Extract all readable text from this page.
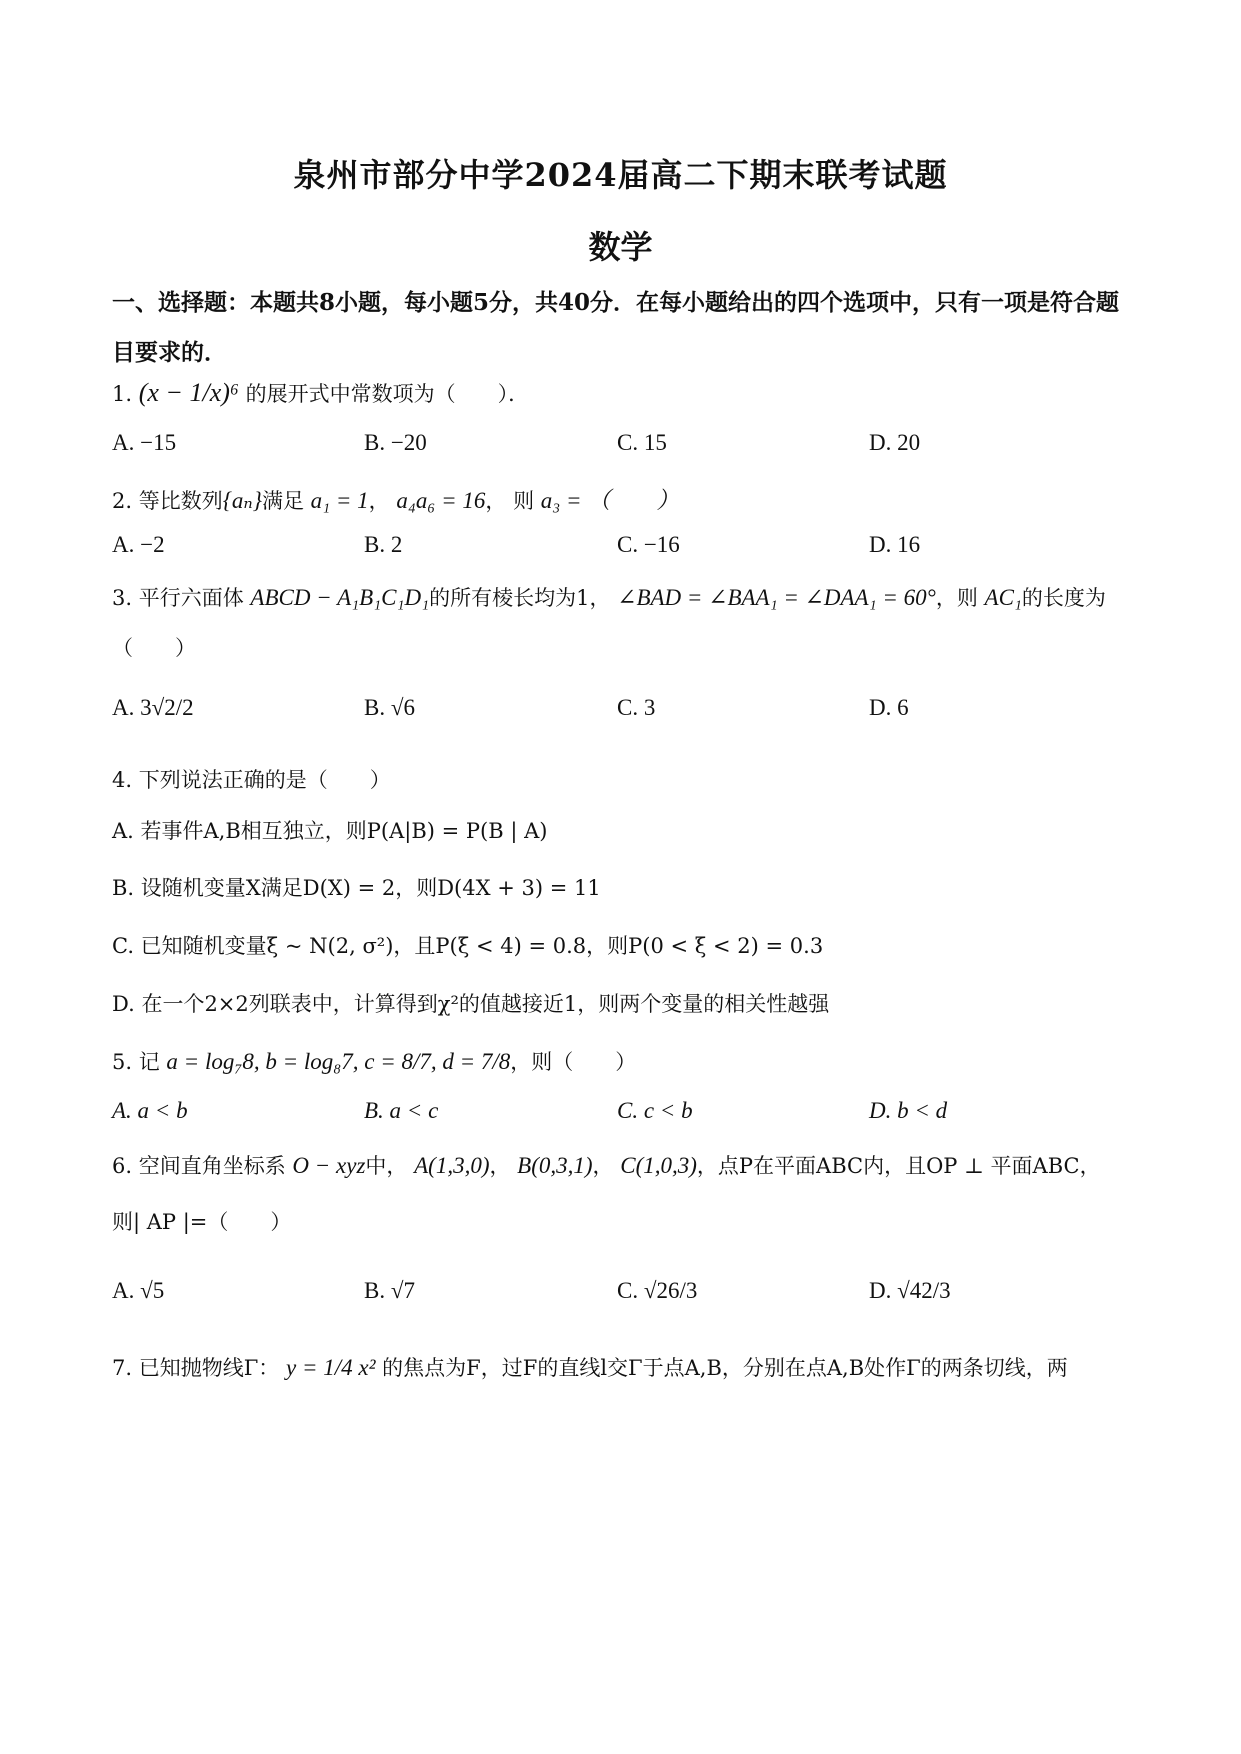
泉州市部分中学2024届高二下期末联考试题
数学
一、选择题：本题共8小题，每小题5分，共40分．在每小题给出的四个选项中，只有一项是符合题目要求的．
1. (x − 1/x)⁶ 的展开式中常数项为（　　）．
A. −15	B. −20	C. 15	D. 20
2. 等比数列{aₙ}满足 a₁ = 1， a₄a₆ = 16， 则 a₃ = （　　）
A. −2	B. 2	C. −16	D. 16
3. 平行六面体 ABCD − A₁B₁C₁D₁的所有棱长均为1， ∠BAD = ∠BAA₁ = ∠DAA₁ = 60°，则 AC₁的长度为
（　　）
A. 3√2/2	B. √6	C. 3	D. 6
4. 下列说法正确的是（　　）
A. 若事件A,B相互独立，则P(A|B) = P(B | A)
B. 设随机变量X满足D(X) = 2，则D(4X + 3) = 11
C. 已知随机变量ξ ~ N(2, σ²)，且P(ξ < 4) = 0.8，则P(0 < ξ < 2) = 0.3
D. 在一个2×2列联表中，计算得到χ²的值越接近1，则两个变量的相关性越强
5. 记 a = log₇8, b = log₈7, c = 8/7, d = 7/8，则（　　）
A. a < b	B. a < c	C. c < b	D. b < d
6. 空间直角坐标系 O − xyz中， A(1,3,0)， B(0,3,1)， C(1,0,3)，点P在平面ABC内，且OP ⊥ 平面ABC，
则| AP |=（　　）
A. √5	B. √7	C. √26/3	D. √42/3
7. 已知抛物线Γ： y = 1/4 x² 的焦点为F，过F的直线l交Γ于点A,B，分别在点A,B处作Γ的两条切线，两
